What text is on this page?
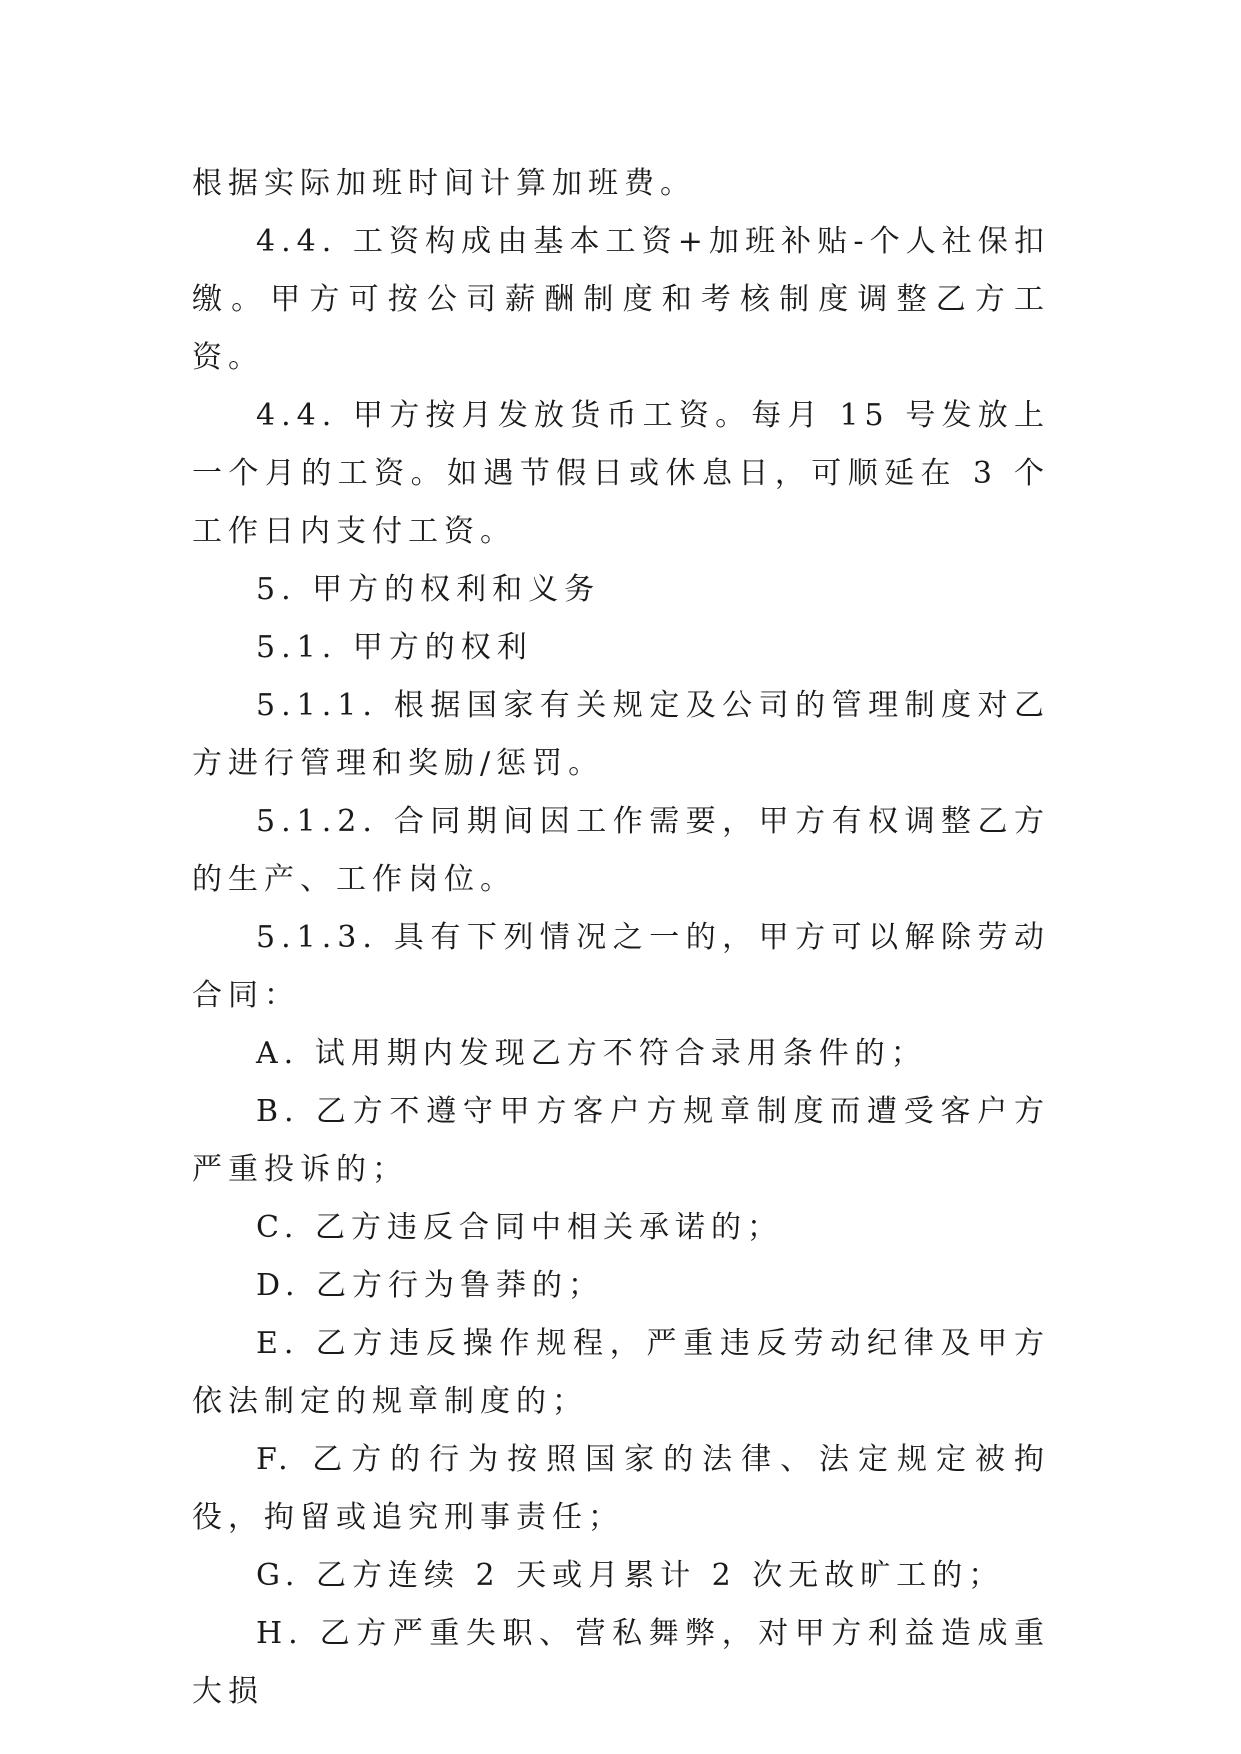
根据实际加班时间计算加班费。

4.4. 工资构成由基本工资+加班补贴-个人社保扣缴。甲方可按公司薪酬制度和考核制度调整乙方工资。

4.4. 甲方按月发放货币工资。每月 15 号发放上一个月的工资。如遇节假日或休息日，可顺延在 3 个工作日内支付工资。

5. 甲方的权利和义务

5.1. 甲方的权利

5.1.1. 根据国家有关规定及公司的管理制度对乙方进行管理和奖励/惩罚。

5.1.2. 合同期间因工作需要，甲方有权调整乙方的生产、工作岗位。

5.1.3. 具有下列情况之一的，甲方可以解除劳动合同：

A. 试用期内发现乙方不符合录用条件的；

B. 乙方不遵守甲方客户方规章制度而遭受客户方严重投诉的；

C. 乙方违反合同中相关承诺的；

D. 乙方行为鲁莽的；

E. 乙方违反操作规程，严重违反劳动纪律及甲方依法制定的规章制度的；

F. 乙方的行为按照国家的法律、法定规定被拘役，拘留或追究刑事责任；

G. 乙方连续 2 天或月累计 2 次无故旷工的；

H. 乙方严重失职、营私舞弊，对甲方利益造成重大损
